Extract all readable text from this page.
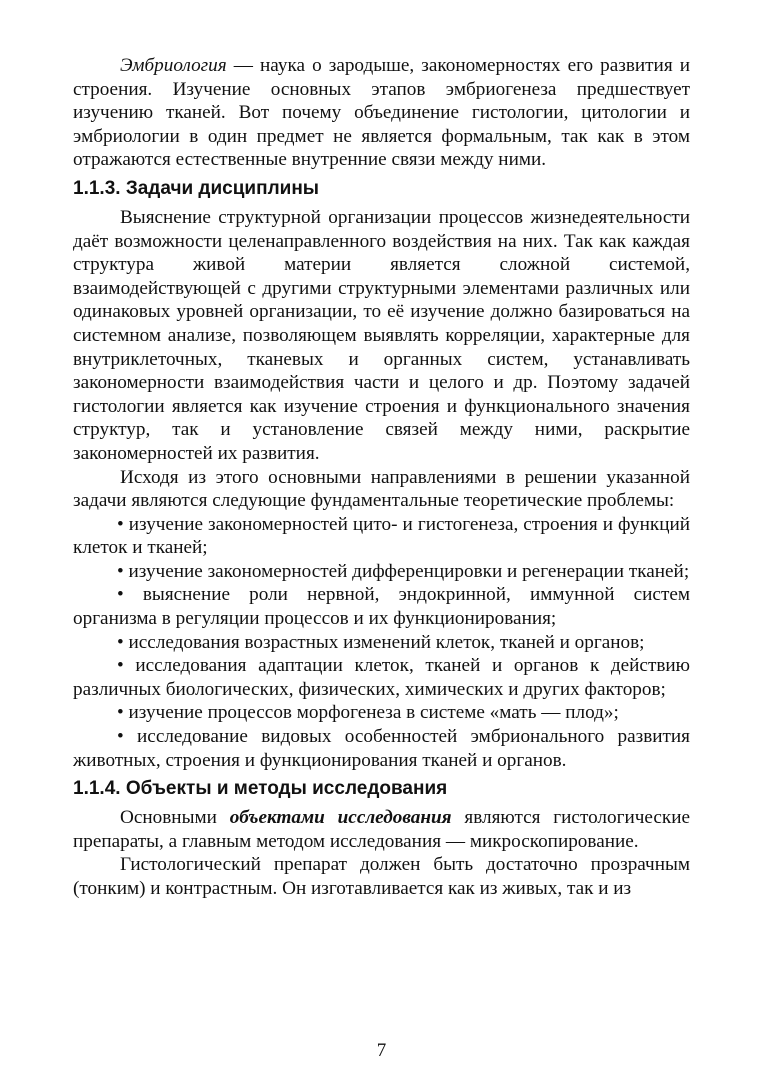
Эмбриология — наука о зародыше, закономерностях его развития и строения. Изучение основных этапов эмбриогенеза предшествует изучению тканей. Вот почему объединение гистологии, цитологии и эмбриологии в один предмет не является формальным, так как в этом отражаются естественные внутренние связи между ними.

1.1.3. Задачи дисциплины

Выяснение структурной организации процессов жизнедеятельности даёт возможности целенаправленного воздействия на них. Так как каждая структура живой материи является сложной системой, взаимодействующей с другими структурными элементами различных или одинаковых уровней организации, то её изучение должно базироваться на системном анализе, позволяющем выявлять корреляции, характерные для внутриклеточных, тканевых и органных систем, устанавливать закономерности взаимодействия части и целого и др. Поэтому задачей гистологии является как изучение строения и функционального значения структур, так и установление связей между ними, раскрытие закономерностей их развития.

Исходя из этого основными направлениями в решении указанной задачи являются следующие фундаментальные теоретические проблемы:

• изучение закономерностей цито- и гистогенеза, строения и функций клеток и тканей;

• изучение закономерностей дифференцировки и регенерации тканей;

• выяснение роли нервной, эндокринной, иммунной систем организма в регуляции процессов и их функционирования;

• исследования возрастных изменений клеток, тканей и органов;

• исследования адаптации клеток, тканей и органов к действию различных биологических, физических, химических и других факторов;

• изучение процессов морфогенеза в системе «мать — плод»;

• исследование видовых особенностей эмбрионального развития животных, строения и функционирования тканей и органов.

1.1.4. Объекты и методы исследования

Основными объектами исследования являются гистологические препараты, а главным методом исследования — микроскопирование.

Гистологический препарат должен быть достаточно прозрачным (тонким) и контрастным. Он изготавливается как из живых, так и из

7
